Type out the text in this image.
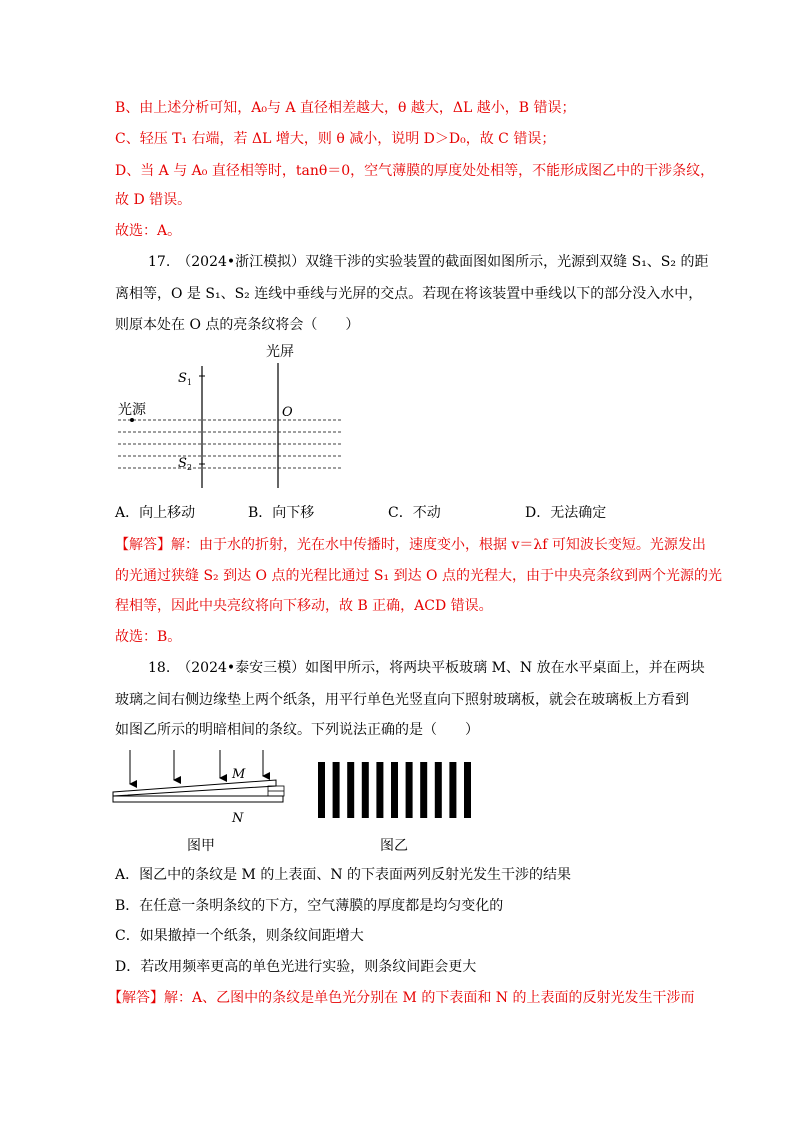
B、由上述分析可知，A₀与 A 直径相差越大，θ 越大，ΔL 越小，B 错误；
C、轻压 T₁ 右端，若 ΔL 增大，则 θ 减小，说明 D＞D₀，故 C 错误；
D、当 A 与 A₀ 直径相等时，tanθ＝0，空气薄膜的厚度处处相等，不能形成图乙中的干涉条纹，
故 D 错误。
故选：A。
17.　（2024•浙江模拟）双缝干涉的实验装置的截面图如图所示，光源到双缝 S₁、S₂ 的距
离相等，O 是 S₁、S₂ 连线中垂线与光屏的交点。若现在将该装置中垂线以下的部分没入水中，
则原本处在 O 点的亮条纹将会（　　）
光屏
光源	O
$S_1$
$S_2$
A．向上移动	B．向下移	C．不动	D．无法确定
【解答】解：由于水的折射，光在水中传播时，速度变小，根据 v＝λf 可知波长变短。光源发出
的光通过狭缝 S₂ 到达 O 点的光程比通过 S₁ 到达 O 点的光程大，由于中央亮条纹到两个光源的光
程相等，因此中央亮纹将向下移动，故 B 正确，ACD 错误。
故选：B。
18.　（2024•泰安三模）如图甲所示，将两块平板玻璃 M、N 放在水平桌面上，并在两块
玻璃之间右侧边缘垫上两个纸条，用平行单色光竖直向下照射玻璃板，就会在玻璃板上方看到
如图乙所示的明暗相间的条纹。下列说法正确的是（　　）
M
N
图甲	图乙
A．图乙中的条纹是 M 的上表面、N 的下表面两列反射光发生干涉的结果
B．在任意一条明条纹的下方，空气薄膜的厚度都是均匀变化的
C．如果撤掉一个纸条，则条纹间距增大
D．若改用频率更高的单色光进行实验，则条纹间距会更大
【解答】解：A、乙图中的条纹是单色光分别在 M 的下表面和 N 的上表面的反射光发生干涉而
